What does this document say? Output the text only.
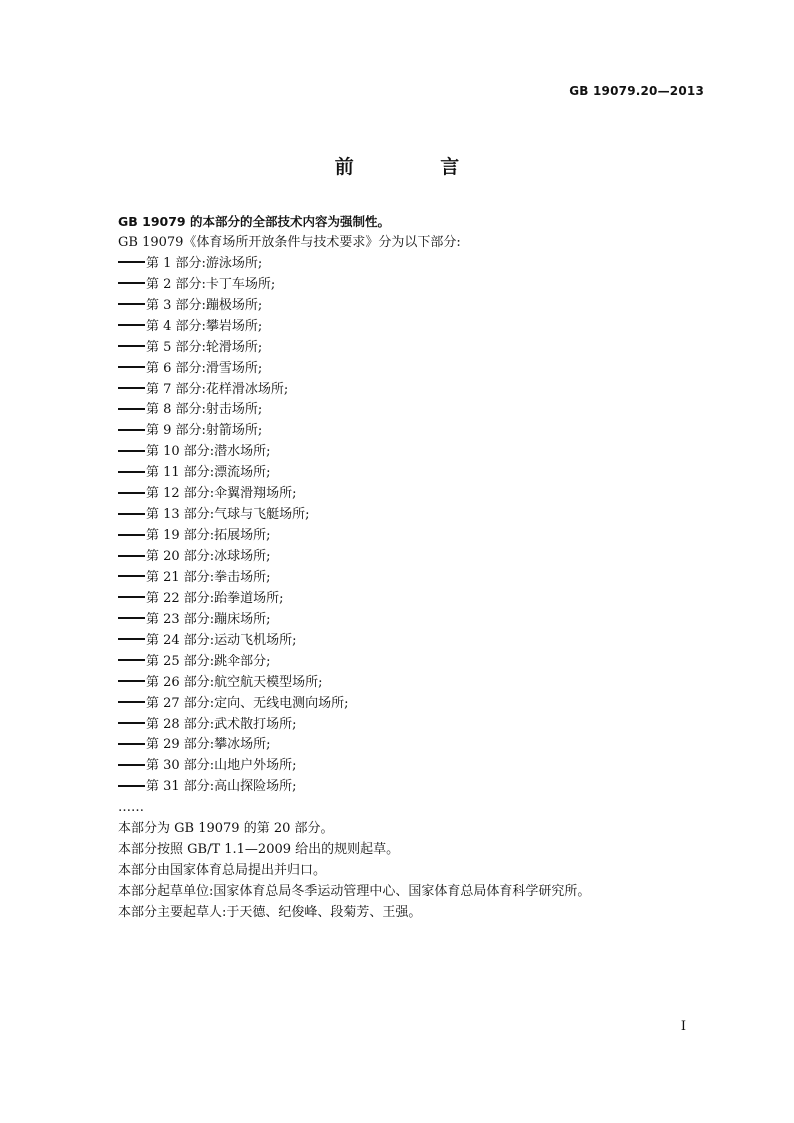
GB 19079.20—2013
前 言
GB 19079 的本部分的全部技术内容为强制性。
GB 19079《体育场所开放条件与技术要求》分为以下部分:
第 1 部分:游泳场所;
第 2 部分:卡丁车场所;
第 3 部分:蹦极场所;
第 4 部分:攀岩场所;
第 5 部分:轮滑场所;
第 6 部分:滑雪场所;
第 7 部分:花样滑冰场所;
第 8 部分:射击场所;
第 9 部分:射箭场所;
第 10 部分:潜水场所;
第 11 部分:漂流场所;
第 12 部分:伞翼滑翔场所;
第 13 部分:气球与飞艇场所;
第 19 部分:拓展场所;
第 20 部分:冰球场所;
第 21 部分:拳击场所;
第 22 部分:跆拳道场所;
第 23 部分:蹦床场所;
第 24 部分:运动飞机场所;
第 25 部分:跳伞部分;
第 26 部分:航空航天模型场所;
第 27 部分:定向、无线电测向场所;
第 28 部分:武术散打场所;
第 29 部分:攀冰场所;
第 30 部分:山地户外场所;
第 31 部分:高山探险场所;
……
本部分为 GB 19079 的第 20 部分。
本部分按照 GB/T 1.1—2009 给出的规则起草。
本部分由国家体育总局提出并归口。
本部分起草单位:国家体育总局冬季运动管理中心、国家体育总局体育科学研究所。
本部分主要起草人:于天德、纪俊峰、段菊芳、王强。
I
